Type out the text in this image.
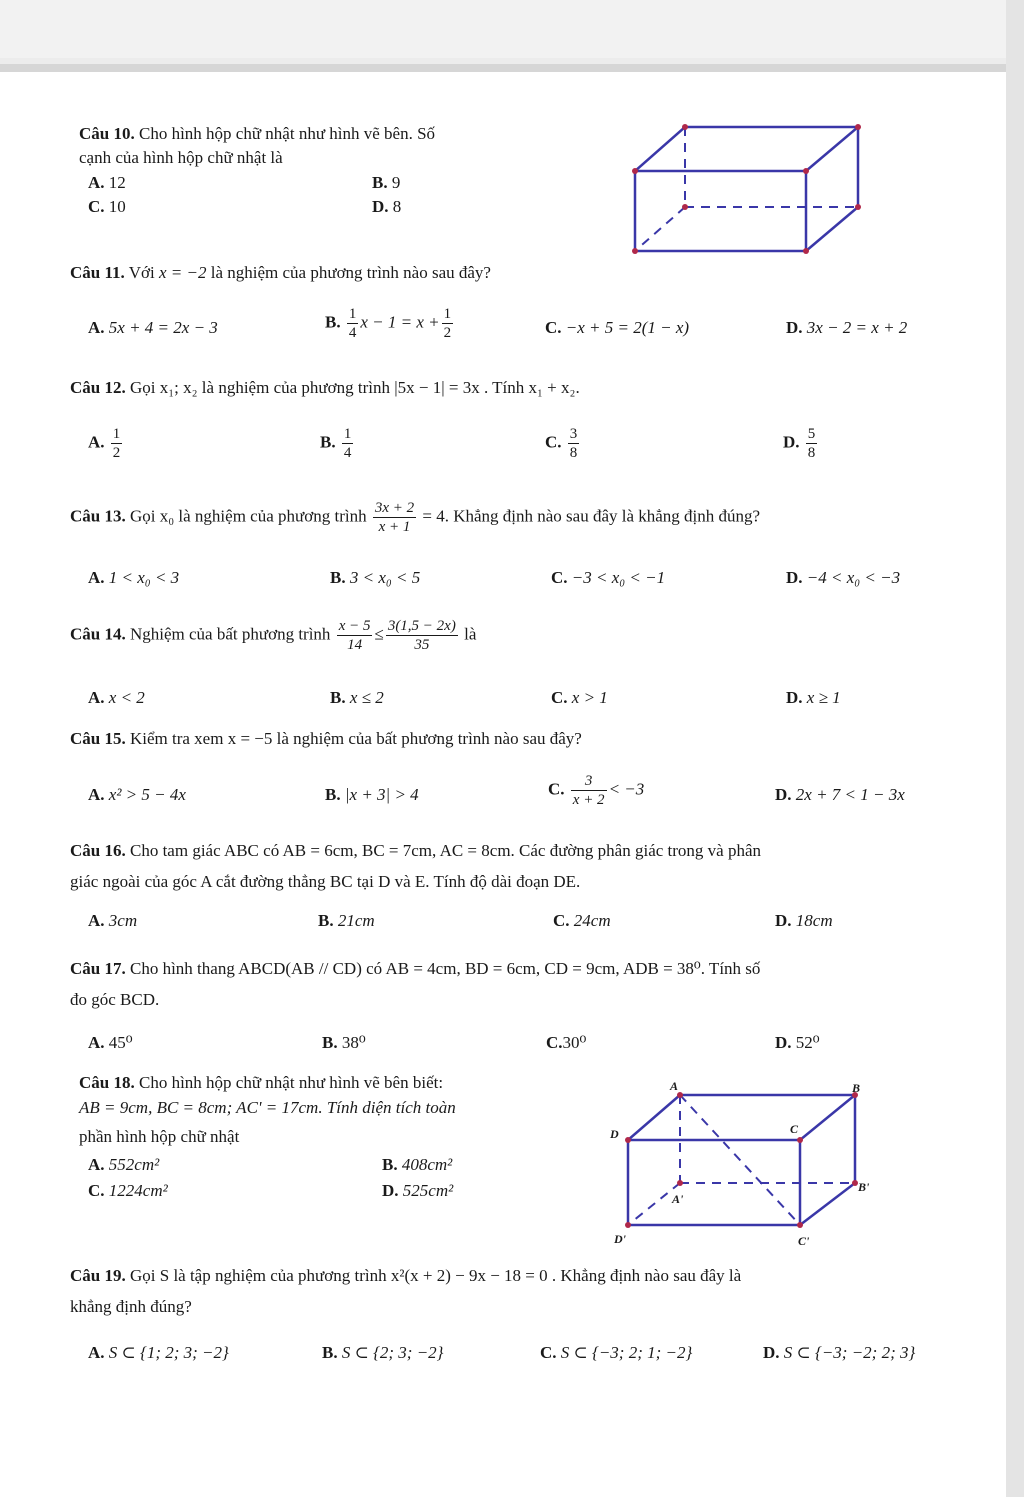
Câu 10. Cho hình hộp chữ nhật như hình vẽ bên. Số
cạnh của hình hộp chữ nhật là
A. 12	B. 9
C. 10	D. 8
Câu 11. Với x = −2 là nghiệm của phương trình nào sau đây?
A. 5x + 4 = 2x − 3	B. $\frac{1}{4}$ $x - 1 = x + \frac{1}{2}$	C. −x + 5 = 2(1 − x)	D. 3x − 2 = x + 2
Câu 12. Gọi x₁; x₂ là nghiệm của phương trình |5x − 1| = 3x . Tính x₁ + x₂.
A. $\frac{1}{2}$	B. $\frac{1}{4}$	C. $\frac{3}{8}$	D. $\frac{5}{8}$
Câu 13. Gọi x₀ là nghiệm của phương trình $\frac{3x + 2}{x + 1} = 4$. Khẳng định nào sau đây là khẳng định đúng?
A. 1 < x₀ < 3	B. 3 < x₀ < 5	C. −3 < x₀ < −1	D. −4 < x₀ < −3
Câu 14. Nghiệm của bất phương trình $\frac{x - 5}{14} \le \frac{3(1,5 - 2x)}{35}$ là
A. x < 2	B. x ≤ 2	C. x > 1	D. x ≥ 1
Câu 15. Kiểm tra xem x = −5 là nghiệm của bất phương trình nào sau đây?
A. x² > 5 − 4x	B. |x + 3| > 4	C. $\frac{3}{x + 2} < -3$	D. 2x + 7 < 1 − 3x
Câu 16. Cho tam giác ABC có AB = 6cm, BC = 7cm, AC = 8cm. Các đường phân giác trong và phân
giác ngoài của góc A cắt đường thẳng BC tại D và E. Tính độ dài đoạn DE.
A. 3cm	B. 21cm	C. 24cm	D. 18cm
Câu 17. Cho hình thang ABCD(AB // CD) có AB = 4cm, BD = 6cm, CD = 9cm, ADB = 38⁰. Tính số
đo góc BCD.
A. 45⁰	B. 38⁰	C.30⁰	D. 52⁰
Câu 18. Cho hình hộp chữ nhật như hình vẽ bên biết:
AB = 9cm, BC = 8cm; AC' = 17cm. Tính diện tích toàn
phần hình hộp chữ nhật
A. 552cm²	B. 408cm²
C. 1224cm²	D. 525cm²
A	B
D	C
A'
B'
D'	C'
Câu 19. Gọi S là tập nghiệm của phương trình x²(x + 2) − 9x − 18 = 0 . Khẳng định nào sau đây là
khẳng định đúng?
A. S ⊂ {1; 2; 3; −2}	B. S ⊂ {2; 3; −2}	C. S ⊂ {−3; 2; 1; −2}	D. S ⊂ {−3; −2; 2; 3}
